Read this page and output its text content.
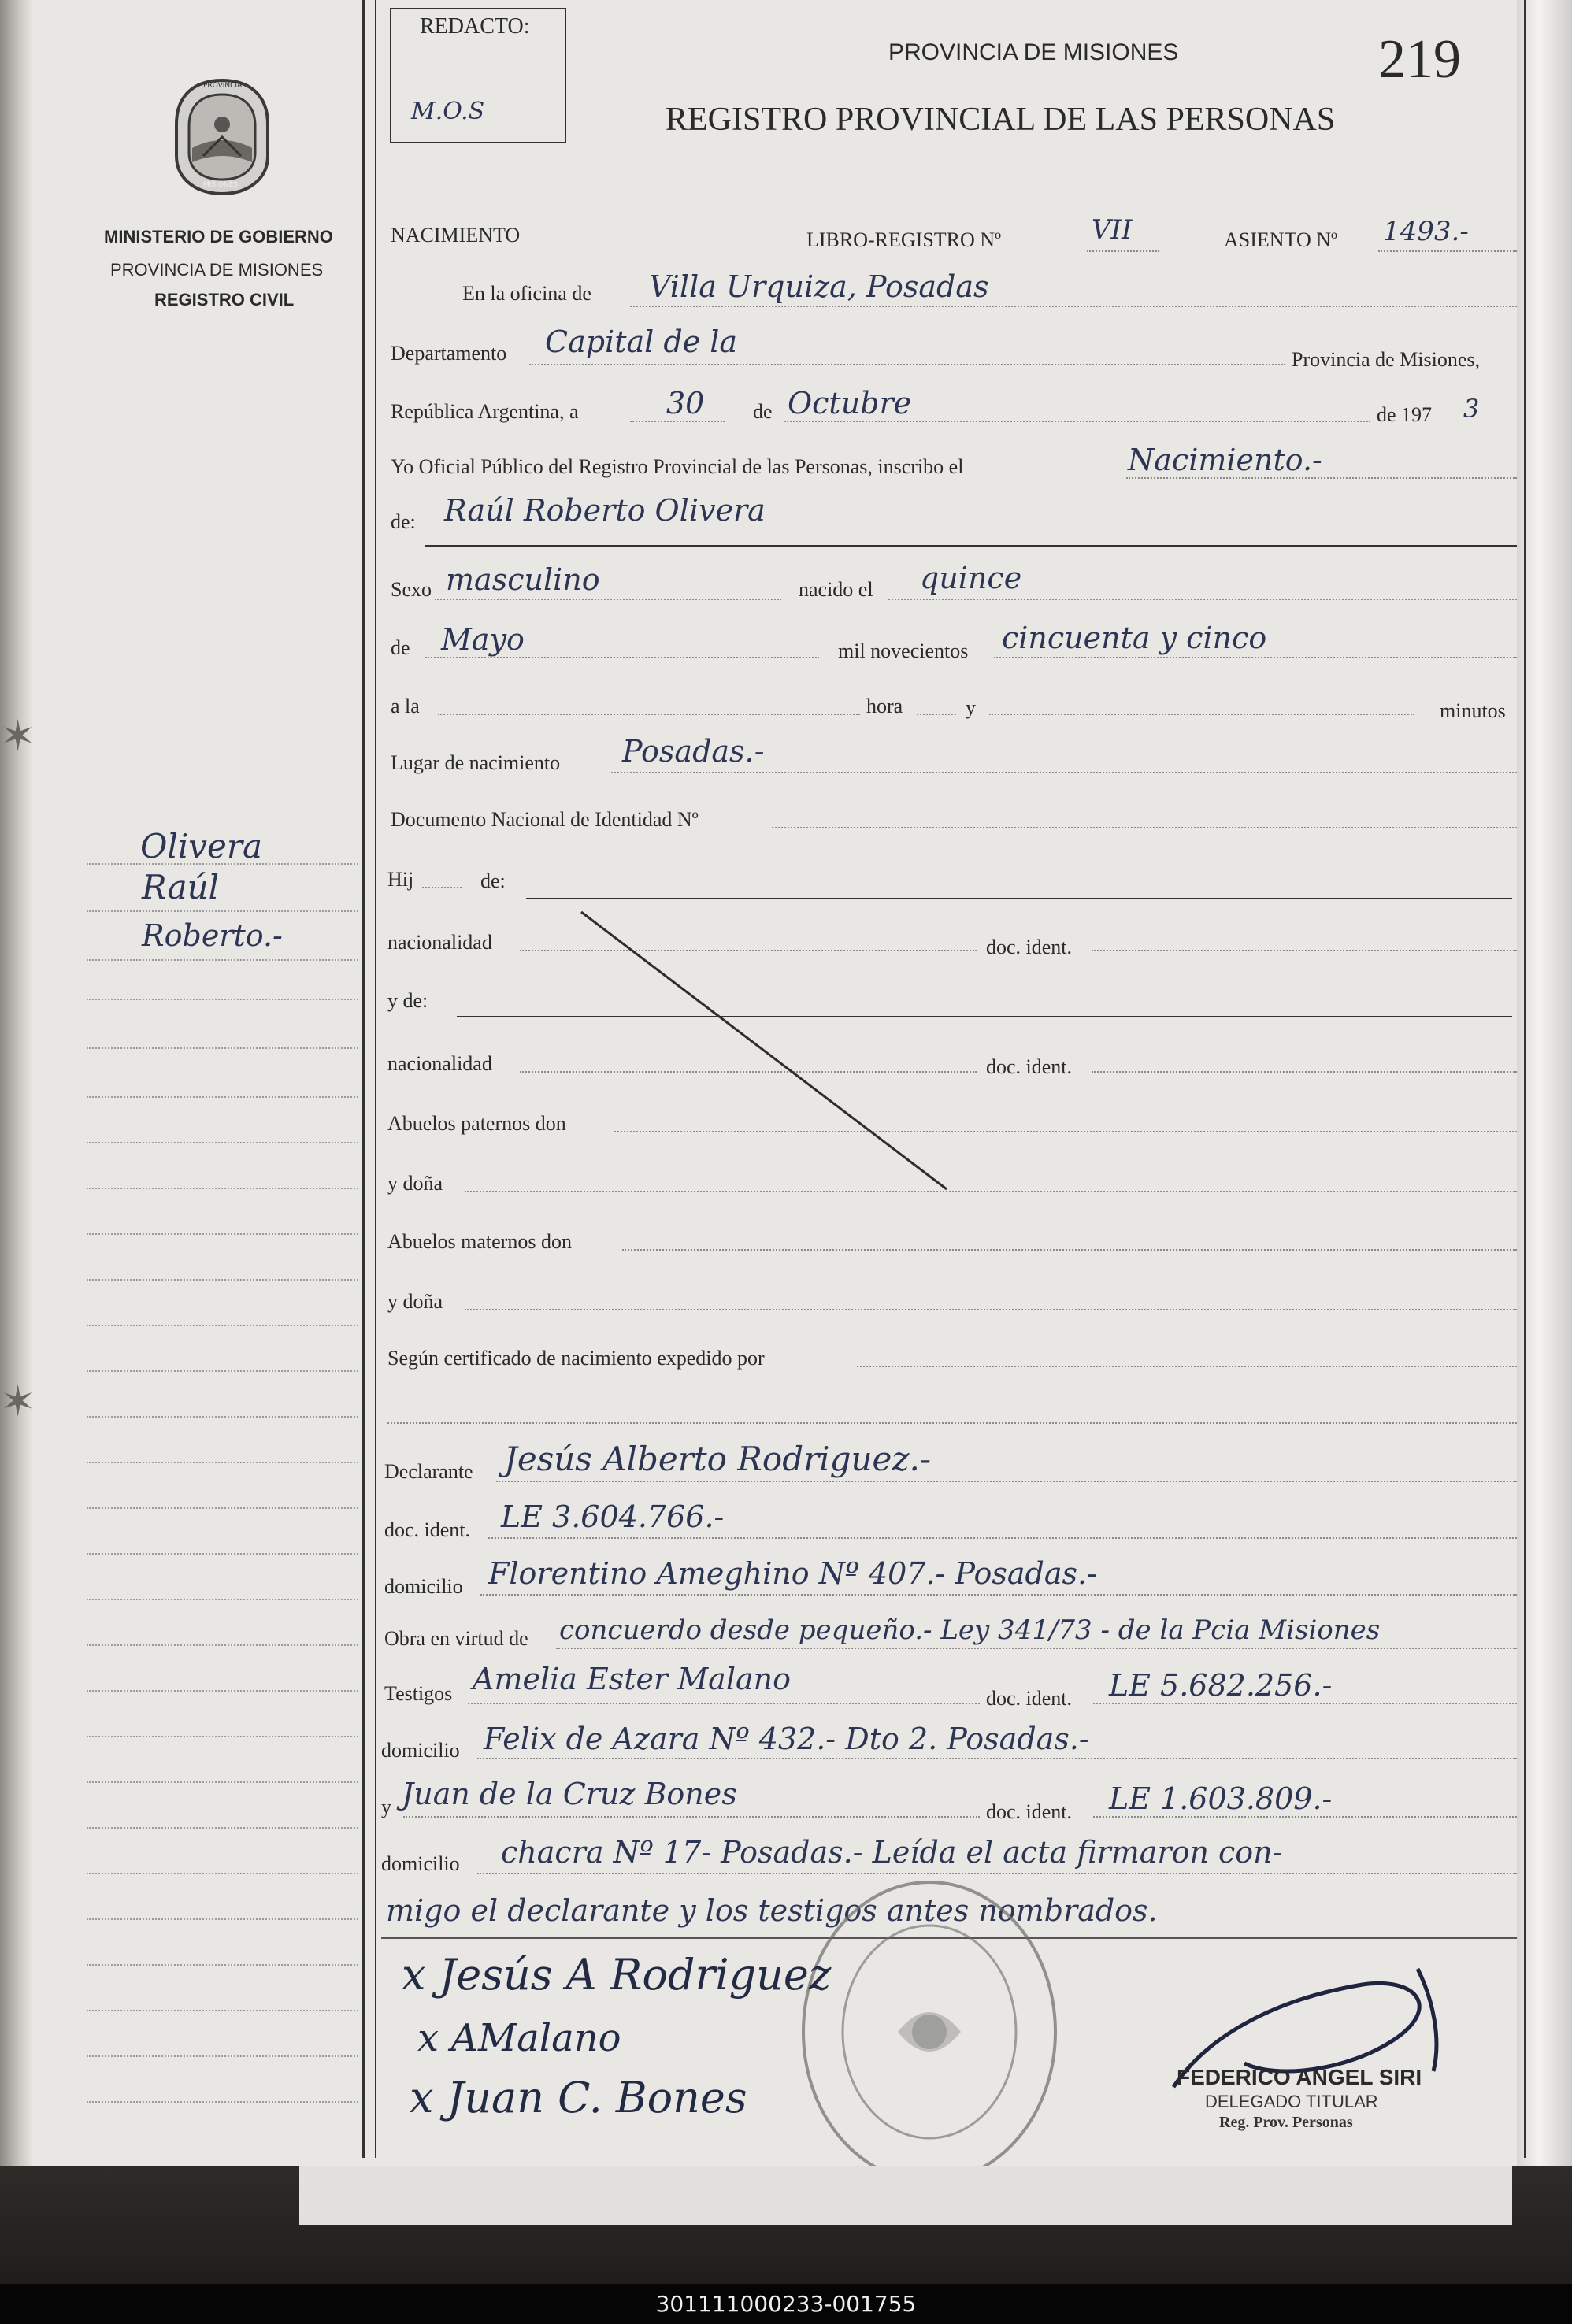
✶
✶
REDACTO:
M.O.S
PROVINCIA DE MISIONES	219
REGISTRO PROVINCIAL DE LAS PERSONAS
PROVINCIA
MISIONES
MINISTERIO DE GOBIERNO
PROVINCIA DE MISIONES
REGISTRO CIVIL
Olivera
Raúl
Roberto.-
NACIMIENTO	LIBRO-REGISTRO Nº	VII	ASIENTO Nº 1493.-
En la oficina de Villa Urquiza, Posadas
Departamento Capital de la
Provincia de Misiones,
República Argentina, a	30 de Octubre	de 197 3
Yo Oficial Público del Registro Provincial de las Personas, inscribo el	Nacimiento.-
de: Raúl Roberto Olivera
Sexo masculino	nacido el quince
de Mayo	mil novecientos cincuenta y cinco
a la	hora	y	minutos
Lugar de nacimiento Posadas.-
Documento Nacional de Identidad Nº
Hij	de:
nacionalidad	doc. ident.
y de:
nacionalidad	doc. ident.
Abuelos paternos don
y doña
Abuelos maternos don
y doña
Según certificado de nacimiento expedido por
Declarante Jesús Alberto Rodriguez.-
doc. ident. LE 3.604.766.-
domicilio Florentino Ameghino Nº 407.- Posadas.-
Obra en virtud de concuerdo desde pequeño.- Ley 341/73 - de la Pcia Misiones
Testigos Amelia Ester Malano
doc. ident. LE 5.682.256.-
domicilio Felix de Azara Nº 432.- Dto 2. Posadas.-
y Juan de la Cruz Bones
doc. ident. LE 1.603.809.-
domicilio chacra Nº 17- Posadas.- Leída el acta firmaron con-
migo el declarante y los testigos antes nombrados.
x Jesús A Rodriguez
x AMalano
x Juan C. Bones	FEDERICO ANGEL SIRI
DELEGADO TITULAR
Reg. Prov. Personas
301111000233-001755
